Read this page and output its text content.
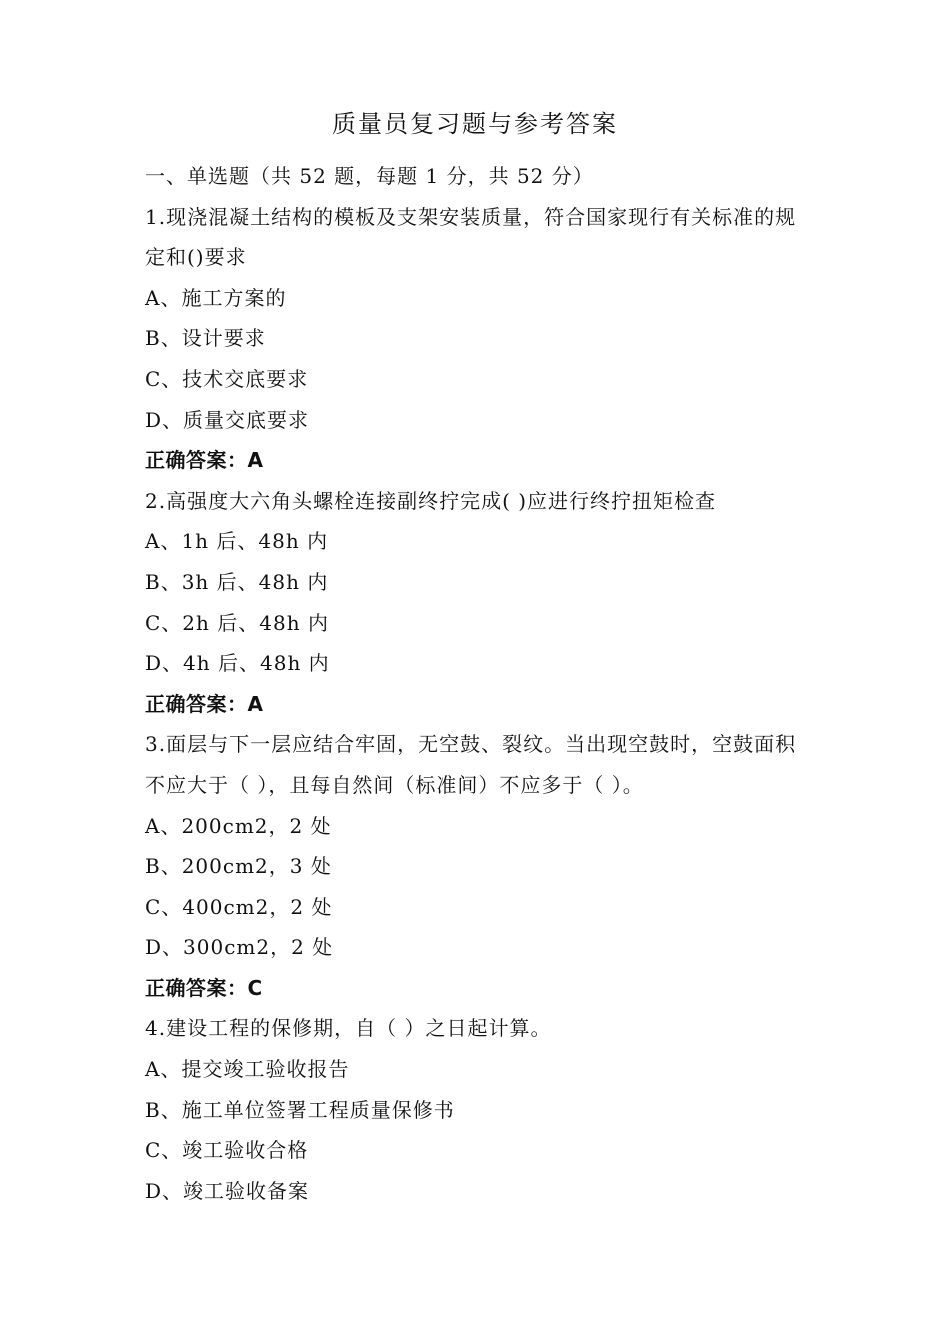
质量员复习题与参考答案
一、单选题（共 52 题，每题 1 分，共 52 分）
1.现浇混凝土结构的模板及支架安装质量，符合国家现行有关标准的规定和()要求
A、施工方案的
B、设计要求
C、技术交底要求
D、质量交底要求
正确答案：A
2.高强度大六角头螺栓连接副终拧完成( )应进行终拧扭矩检查
A、1h 后、48h 内
B、3h 后、48h 内
C、2h 后、48h 内
D、4h 后、48h 内
正确答案：A
3.面层与下一层应结合牢固，无空鼓、裂纹。当出现空鼓时，空鼓面积不应大于（ ），且每自然间（标准间）不应多于（ ）。
A、200cm2，2 处
B、200cm2，3 处
C、400cm2，2 处
D、300cm2，2 处
正确答案：C
4.建设工程的保修期，自（ ）之日起计算。
A、提交竣工验收报告
B、施工单位签署工程质量保修书
C、竣工验收合格
D、竣工验收备案
